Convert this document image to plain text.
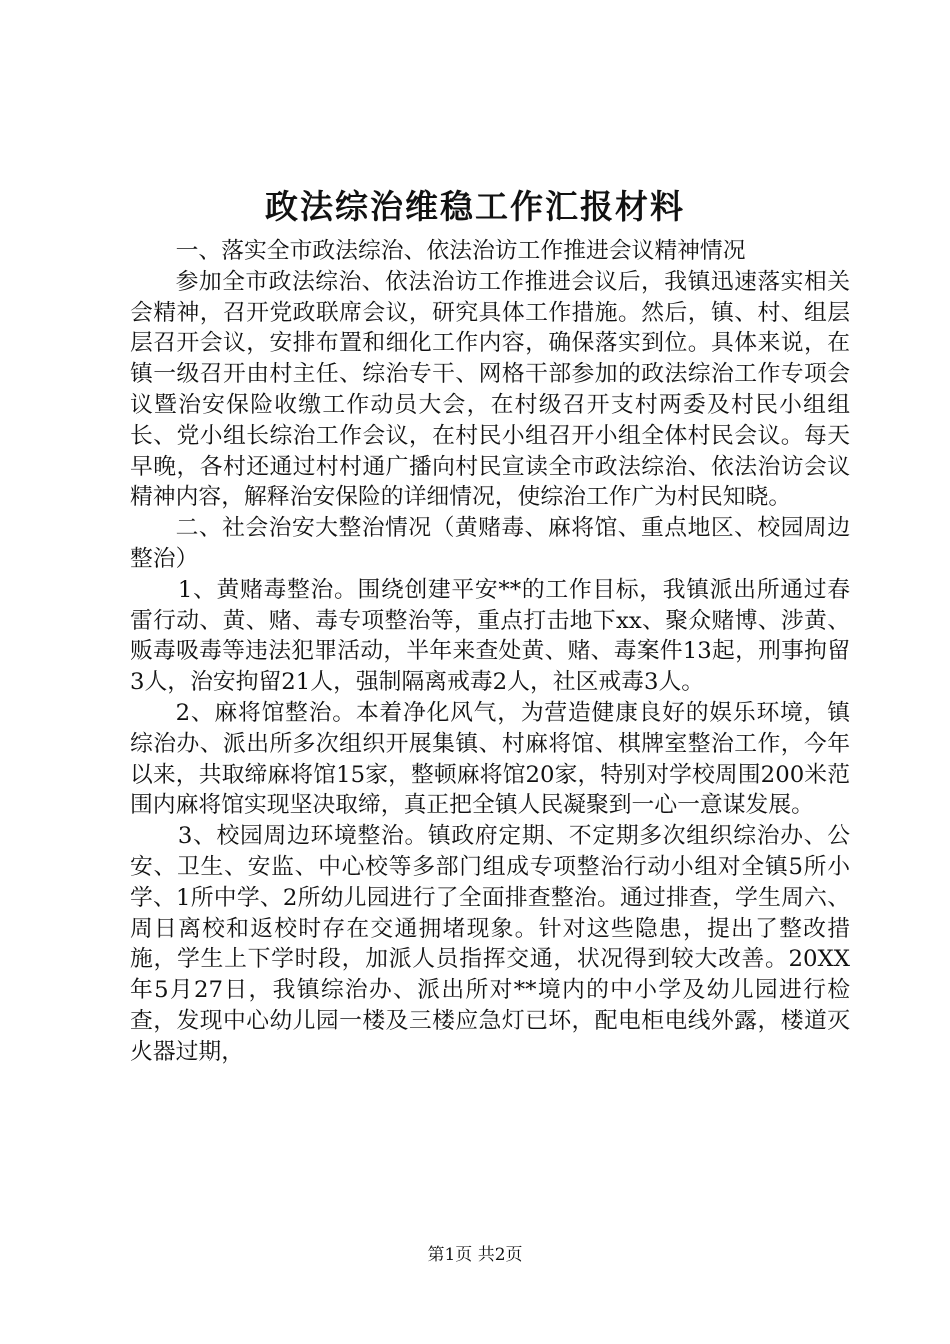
政法综治维稳工作汇报材料

一、落实全市政法综治、依法治访工作推进会议精神情况

参加全市政法综治、依法治访工作推进会议后，我镇迅速落实相关会精神，召开党政联席会议，研究具体工作措施。然后，镇、村、组层层召开会议，安排布置和细化工作内容，确保落实到位。具体来说，在镇一级召开由村主任、综治专干、网格干部参加的政法综治工作专项会议暨治安保险收缴工作动员大会，在村级召开支村两委及村民小组组长、党小组长综治工作会议，在村民小组召开小组全体村民会议。每天早晚，各村还通过村村通广播向村民宣读全市政法综治、依法治访会议精神内容，解释治安保险的详细情况，使综治工作广为村民知晓。

二、社会治安大整治情况（黄赌毒、麻将馆、重点地区、校园周边整治）

1、黄赌毒整治。围绕创建平安**的工作目标，我镇派出所通过春雷行动、黄、赌、毒专项整治等，重点打击地下xx、聚众赌博、涉黄、贩毒吸毒等违法犯罪活动，半年来查处黄、赌、毒案件13起，刑事拘留3人，治安拘留21人，强制隔离戒毒2人，社区戒毒3人。

2、麻将馆整治。本着净化风气，为营造健康良好的娱乐环境，镇综治办、派出所多次组织开展集镇、村麻将馆、棋牌室整治工作，今年以来，共取缔麻将馆15家，整顿麻将馆20家，特别对学校周围200米范围内麻将馆实现坚决取缔，真正把全镇人民凝聚到一心一意谋发展。

3、校园周边环境整治。镇政府定期、不定期多次组织综治办、公安、卫生、安监、中心校等多部门组成专项整治行动小组对全镇5所小学、1所中学、2所幼儿园进行了全面排查整治。通过排查，学生周六、周日离校和返校时存在交通拥堵现象。针对这些隐患，提出了整改措施，学生上下学时段，加派人员指挥交通，状况得到较大改善。20XX年5月27日，我镇综治办、派出所对**境内的中小学及幼儿园进行检查，发现中心幼儿园一楼及三楼应急灯已坏，配电柜电线外露，楼道灭火器过期，

第1页 共2页
